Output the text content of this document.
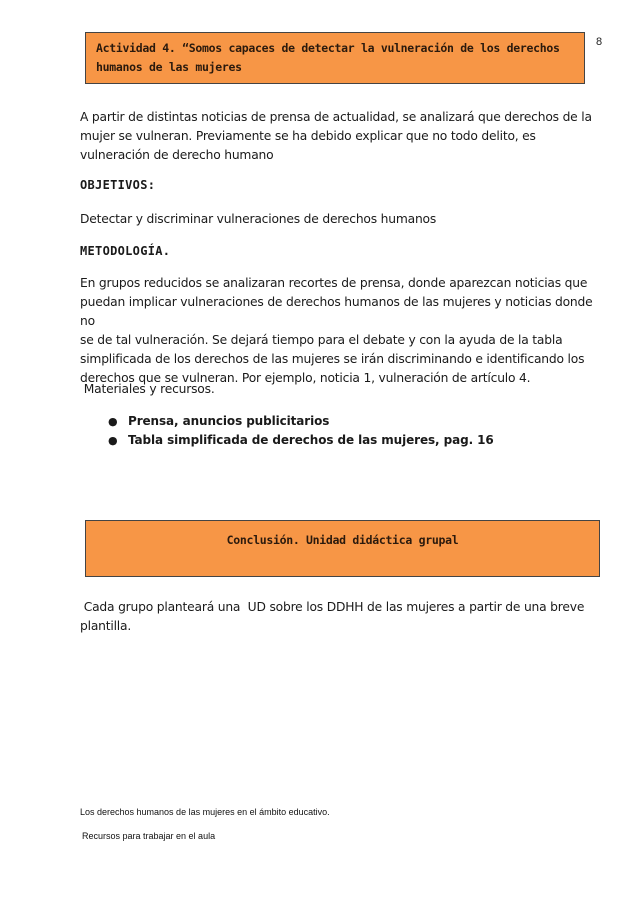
8
Actividad 4. “Somos capaces de detectar la vulneración de los derechos
humanos de las mujeres
A partir de distintas noticias de prensa de actualidad, se analizará que derechos de la
mujer se vulneran. Previamente se ha debido explicar que no todo delito, es
vulneración de derecho humano
OBJETIVOS:
Detectar y discriminar vulneraciones de derechos humanos
METODOLOGÍA.
En grupos reducidos se analizaran recortes de prensa, donde aparezcan noticias que
puedan implicar vulneraciones de derechos humanos de las mujeres y noticias donde no
se de tal vulneración. Se dejará tiempo para el debate y con la ayuda de la tabla
simplificada de los derechos de las mujeres se irán discriminando e identificando los
derechos que se vulneran. Por ejemplo, noticia 1, vulneración de artículo 4.
Materiales y recursos.
● Prensa, anuncios publicitarios
● Tabla simplificada de derechos de las mujeres, pag. 16
Conclusión. Unidad didáctica grupal
Cada grupo planteará una  UD sobre los DDHH de las mujeres a partir de una breve
plantilla.
Los derechos humanos de las mujeres en el ámbito educativo.
Recursos para trabajar en el aula
